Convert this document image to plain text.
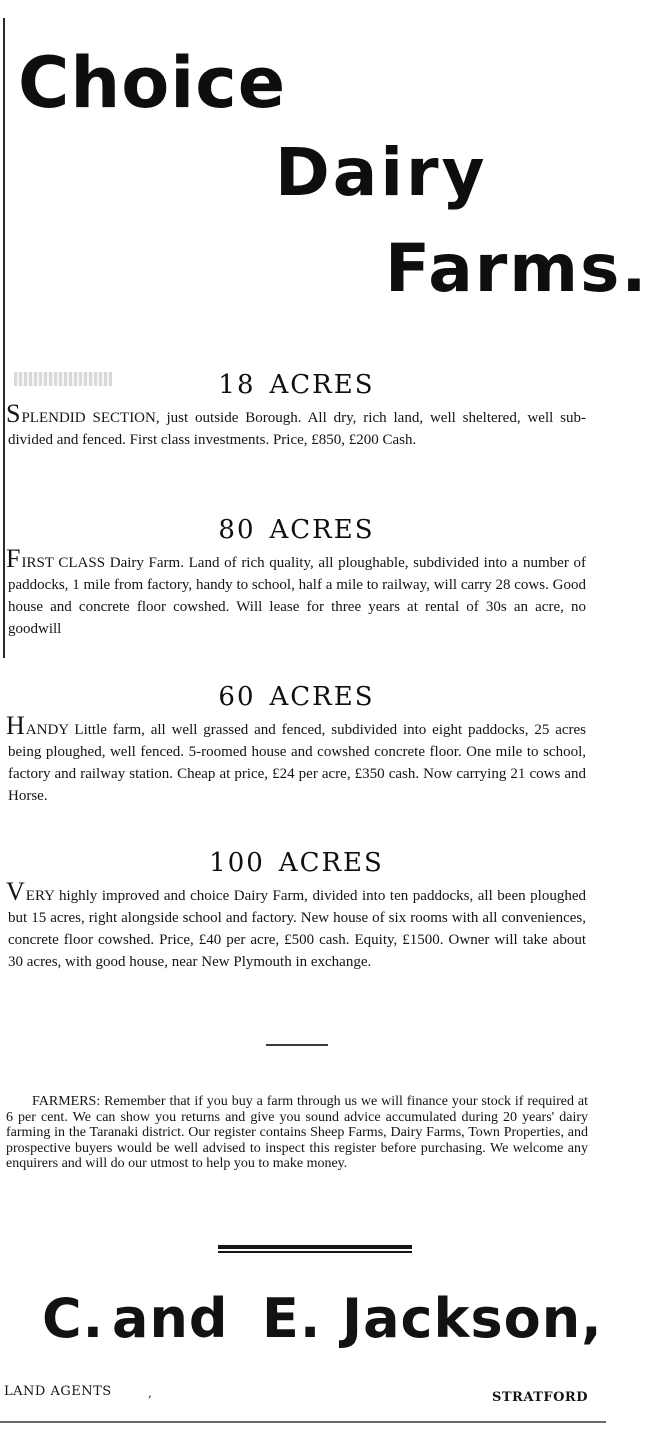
Choice
Dairy
Farms.
18 ACRES
SPLENDID SECTION, just outside Borough. All dry, rich land, well sheltered, well sub-divided and fenced. First class investments. Price, £850, £200 Cash.
80 ACRES
FIRST CLASS Dairy Farm. Land of rich quality, all ploughable, subdivided into a number of paddocks, 1 mile from factory, handy to school, half a mile to railway, will carry 28 cows. Good house and concrete floor cowshed. Will lease for three years at rental of 30s an acre, no goodwill
60 ACRES
HANDY Little farm, all well grassed and fenced, subdivided into eight paddocks, 25 acres being ploughed, well fenced. 5-roomed house and cowshed concrete floor. One mile to school, factory and railway station. Cheap at price, £24 per acre, £350 cash. Now carrying 21 cows and Horse.
100 ACRES
VERY highly improved and choice Dairy Farm, divided into ten paddocks, all been ploughed but 15 acres, right alongside school and factory. New house of six rooms with all conveniences, concrete floor cowshed. Price, £40 per acre, £500 cash. Equity, £1500. Owner will take about 30 acres, with good house, near New Plymouth in exchange.
FARMERS: Remember that if you buy a farm through us we will finance your stock if required at 6 per cent. We can show you returns and give you sound advice accumulated during 20 years' dairy farming in the Taranaki district. Our register contains Sheep Farms, Dairy Farms, Town Properties, and prospective buyers would be well advised to inspect this register before purchasing. We welcome any enquirers and will do our utmost to help you to make money.
C. and E. Jackson,
LAND AGENTS	,	STRATFORD
